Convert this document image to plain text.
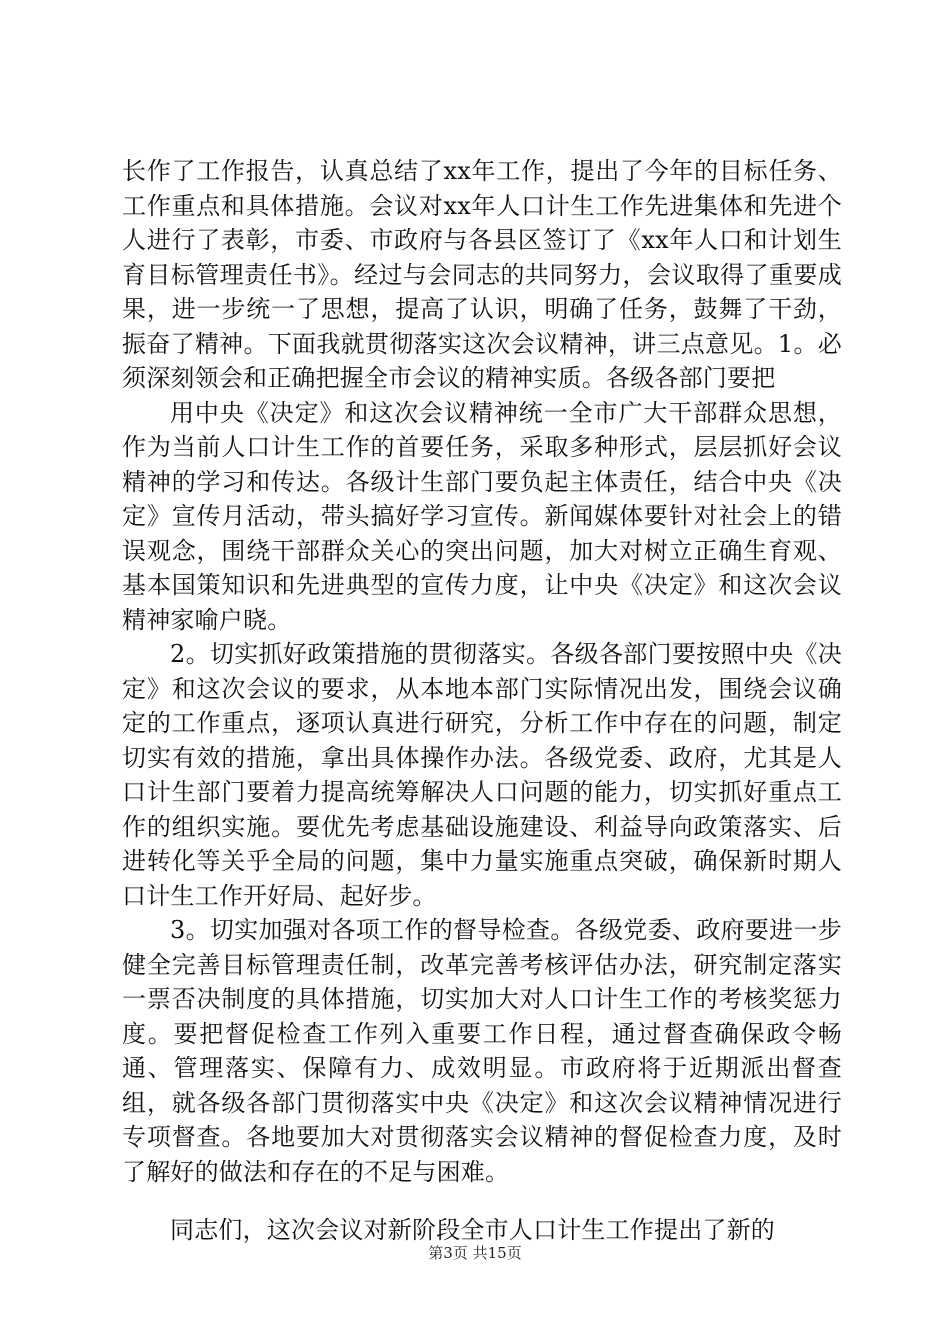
长作了工作报告，认真总结了xx年工作，提出了今年的目标任务、工作重点和具体措施。会议对xx年人口计生工作先进集体和先进个人进行了表彰，市委、市政府与各县区签订了《xx年人口和计划生育目标管理责任书》。经过与会同志的共同努力，会议取得了重要成果，进一步统一了思想，提高了认识，明确了任务，鼓舞了干劲，振奋了精神。下面我就贯彻落实这次会议精神，讲三点意见。1。必须深刻领会和正确把握全市会议的精神实质。各级各部门要把

用中央《决定》和这次会议精神统一全市广大干部群众思想，作为当前人口计生工作的首要任务，采取多种形式，层层抓好会议精神的学习和传达。各级计生部门要负起主体责任，结合中央《决定》宣传月活动，带头搞好学习宣传。新闻媒体要针对社会上的错误观念，围绕干部群众关心的突出问题，加大对树立正确生育观、基本国策知识和先进典型的宣传力度，让中央《决定》和这次会议精神家喻户晓。

2。切实抓好政策措施的贯彻落实。各级各部门要按照中央《决定》和这次会议的要求，从本地本部门实际情况出发，围绕会议确定的工作重点，逐项认真进行研究，分析工作中存在的问题，制定切实有效的措施，拿出具体操作办法。各级党委、政府，尤其是人口计生部门要着力提高统筹解决人口问题的能力，切实抓好重点工作的组织实施。要优先考虑基础设施建设、利益导向政策落实、后进转化等关乎全局的问题，集中力量实施重点突破，确保新时期人口计生工作开好局、起好步。

3。切实加强对各项工作的督导检查。各级党委、政府要进一步健全完善目标管理责任制，改革完善考核评估办法，研究制定落实一票否决制度的具体措施，切实加大对人口计生工作的考核奖惩力度。要把督促检查工作列入重要工作日程，通过督查确保政令畅通、管理落实、保障有力、成效明显。市政府将于近期派出督查组，就各级各部门贯彻落实中央《决定》和这次会议精神情况进行专项督查。各地要加大对贯彻落实会议精神的督促检查力度，及时了解好的做法和存在的不足与困难。

同志们，这次会议对新阶段全市人口计生工作提出了新的

第3页 共15页
